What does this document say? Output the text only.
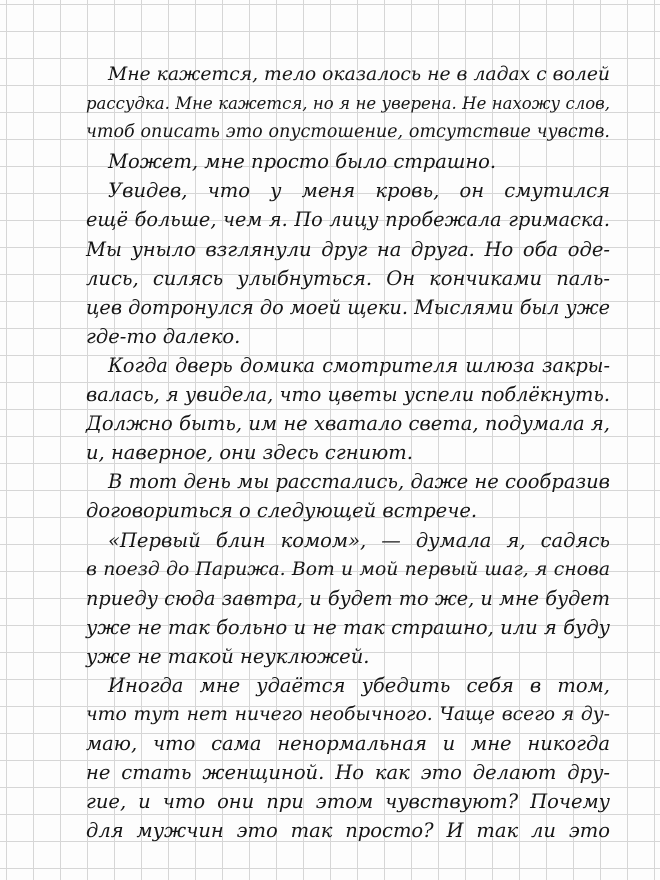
Мне кажется, тело оказалось не в ладах с волей
рассудка. Мне кажется, но я не уверена. Не нахожу слов,
чтоб описать это опустошение, отсутствие чувств.
Может, мне просто было страшно.
Увидев, что у меня кровь, он смутился
ещё больше, чем я. По лицу пробежала гримаска.
Мы уныло взглянули друг на друга. Но оба оде-
лись, силясь улыбнуться. Он кончиками паль-
цев дотронулся до моей щеки. Мыслями был уже
где-то далеко.
Когда дверь домика смотрителя шлюза закры-
валась, я увидела, что цветы успели поблёкнуть.
Должно быть, им не хватало света, подумала я,
и, наверное, они здесь сгниют.
В тот день мы расстались, даже не сообразив
договориться о следующей встрече.
«Первый блин комом», — думала я, садясь
в поезд до Парижа. Вот и мой первый шаг, я снова
приеду сюда завтра, и будет то же, и мне будет
уже не так больно и не так страшно, или я буду
уже не такой неуклюжей.
Иногда мне удаётся убедить себя в том,
что тут нет ничего необычного. Чаще всего я ду-
маю, что сама ненормальная и мне никогда
не стать женщиной. Но как это делают дру-
гие, и что они при этом чувствуют? Почему
для мужчин это так просто? И так ли это
